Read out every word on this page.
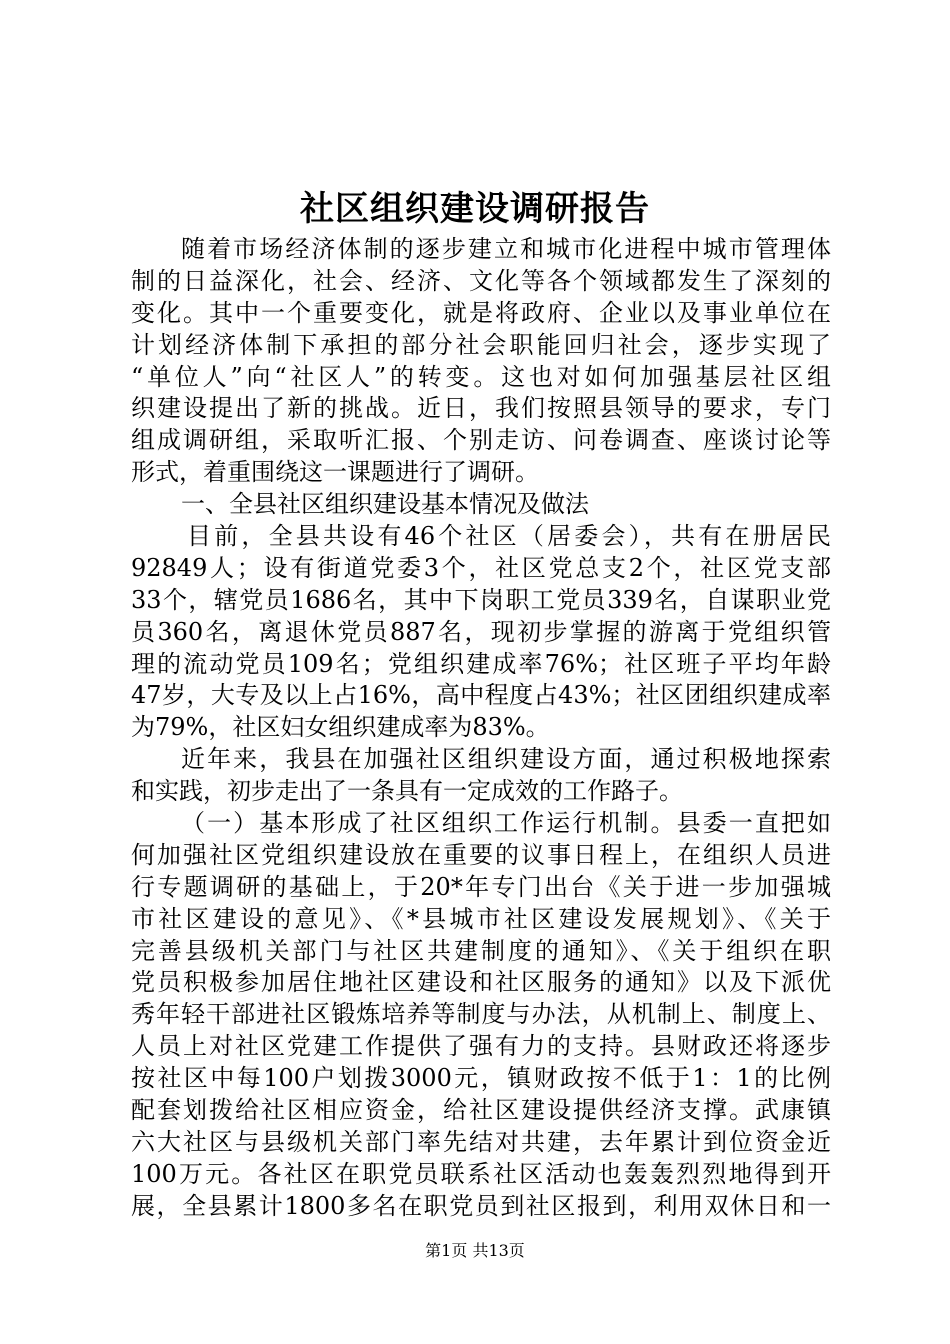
社区组织建设调研报告
随着市场经济体制的逐步建立和城市化进程中城市管理体
制的日益深化，社会、经济、文化等各个领域都发生了深刻的
变化。其中一个重要变化，就是将政府、企业以及事业单位在
计划经济体制下承担的部分社会职能回归社会，逐步实现了
“单位人”向“社区人”的转变。这也对如何加强基层社区组
织建设提出了新的挑战。近日，我们按照县领导的要求，专门
组成调研组，采取听汇报、个别走访、问卷调查、座谈讨论等
形式，着重围绕这一课题进行了调研。
一、全县社区组织建设基本情况及做法
目前，全县共设有46个社区（居委会），共有在册居民
92849人；设有街道党委3个，社区党总支2个，社区党支部
33个，辖党员1686名，其中下岗职工党员339名，自谋职业党
员360名，离退休党员887名，现初步掌握的游离于党组织管
理的流动党员109名；党组织建成率76%；社区班子平均年龄
47岁，大专及以上占16%，高中程度占43%；社区团组织建成率
为79%，社区妇女组织建成率为83%。
近年来，我县在加强社区组织建设方面，通过积极地探索
和实践，初步走出了一条具有一定成效的工作路子。
（一）基本形成了社区组织工作运行机制。县委一直把如
何加强社区党组织建设放在重要的议事日程上，在组织人员进
行专题调研的基础上，于20*年专门出台《关于进一步加强城
市社区建设的意见》、《*县城市社区建设发展规划》、《关于
完善县级机关部门与社区共建制度的通知》、《关于组织在职
党员积极参加居住地社区建设和社区服务的通知》以及下派优
秀年轻干部进社区锻炼培养等制度与办法，从机制上、制度上、
人员上对社区党建工作提供了强有力的支持。县财政还将逐步
按社区中每100户划拨3000元，镇财政按不低于1：1的比例
配套划拨给社区相应资金，给社区建设提供经济支撑。武康镇
六大社区与县级机关部门率先结对共建，去年累计到位资金近
100万元。各社区在职党员联系社区活动也轰轰烈烈地得到开
展，全县累计1800多名在职党员到社区报到，利用双休日和一
第1页 共13页
